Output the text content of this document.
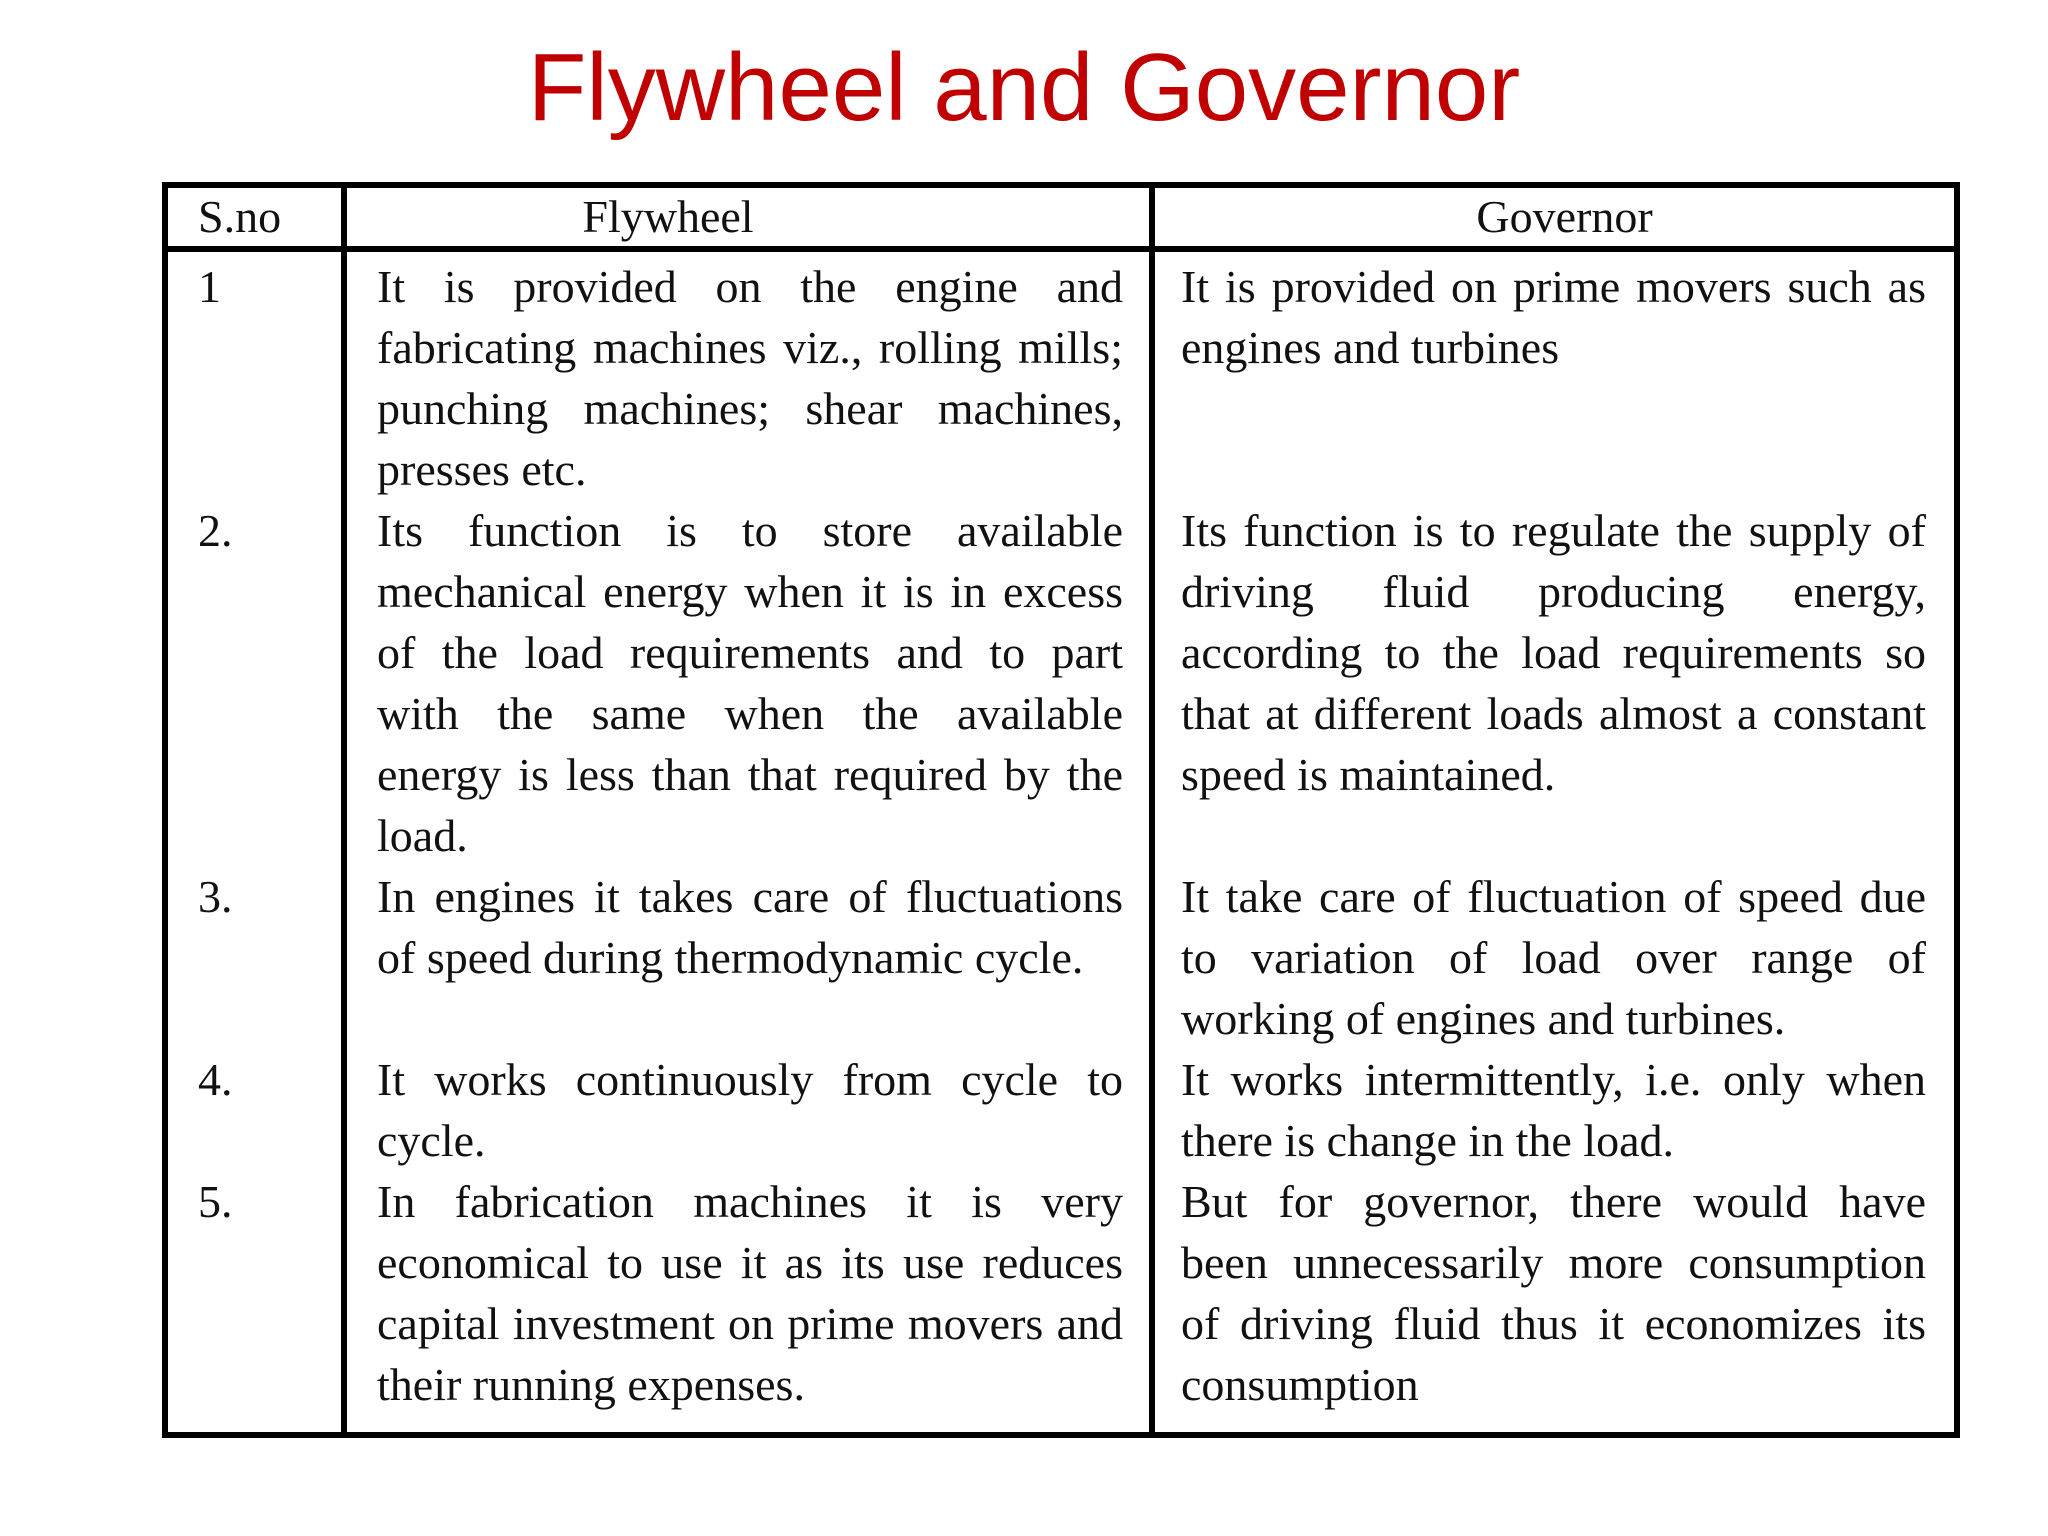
Flywheel and Governor
S.no	Flywheel	Governor
1	It is provided on the engine and fabricating machines viz., rolling mills; punching machines; shear machines, presses etc.	It is provided on prime movers such as engines and turbines
2.	Its function is to store available mechanical energy when it is in excess of the load requirements and to part with the same when the available energy is less than that required by the load.	Its function is to regulate the supply of driving fluid producing energy, according to the load requirements so that at different loads almost a constant speed is maintained.
3.	In engines it takes care of fluctuations of speed during thermodynamic cycle.	It take care of fluctuation of speed due to variation of load over range of working of engines and turbines.
4.	It works continuously from cycle to cycle.	It works intermittently, i.e. only when there is change in the load.
5.	In fabrication machines it is very economical to use it as its use reduces capital investment on prime movers and their running expenses.	But for governor, there would have been unnecessarily more consumption of driving fluid thus it economizes its consumption
